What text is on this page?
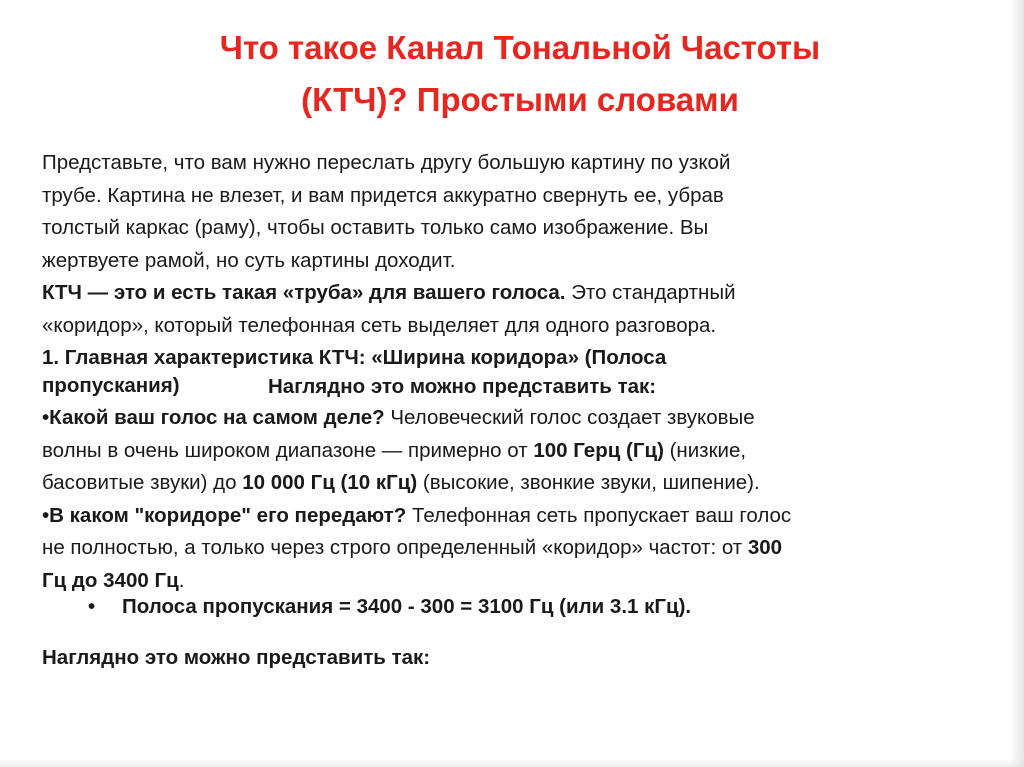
Что такое Канал Тональной Частоты
(КТЧ)? Простыми словами
Представьте, что вам нужно переслать другу большую картину по узкой
трубе. Картина не влезет, и вам придется аккуратно свернуть ее, убрав
толстый каркас (раму), чтобы оставить только само изображение. Вы
жертвуете рамой, но суть картины доходит.
КТЧ — это и есть такая «труба» для вашего голоса. Это стандартный
«коридор», который телефонная сеть выделяет для одного разговора.
1. Главная характеристика КТЧ: «Ширина коридора» (Полоса
пропускания)	Наглядно это можно представить так:
•Какой ваш голос на самом деле? Человеческий голос создает звуковые
волны в очень широком диапазоне — примерно от 100 Герц (Гц) (низкие,
басовитые звуки) до 10 000 Гц (10 кГц) (высокие, звонкие звуки, шипение).
•В каком "коридоре" его передают? Телефонная сеть пропускает ваш голос
не полностью, а только через строго определенный «коридор» частот: от 300
Гц до 3400 Гц.
• Полоса пропускания = 3400 - 300 = 3100 Гц (или 3.1 кГц).
Наглядно это можно представить так:
